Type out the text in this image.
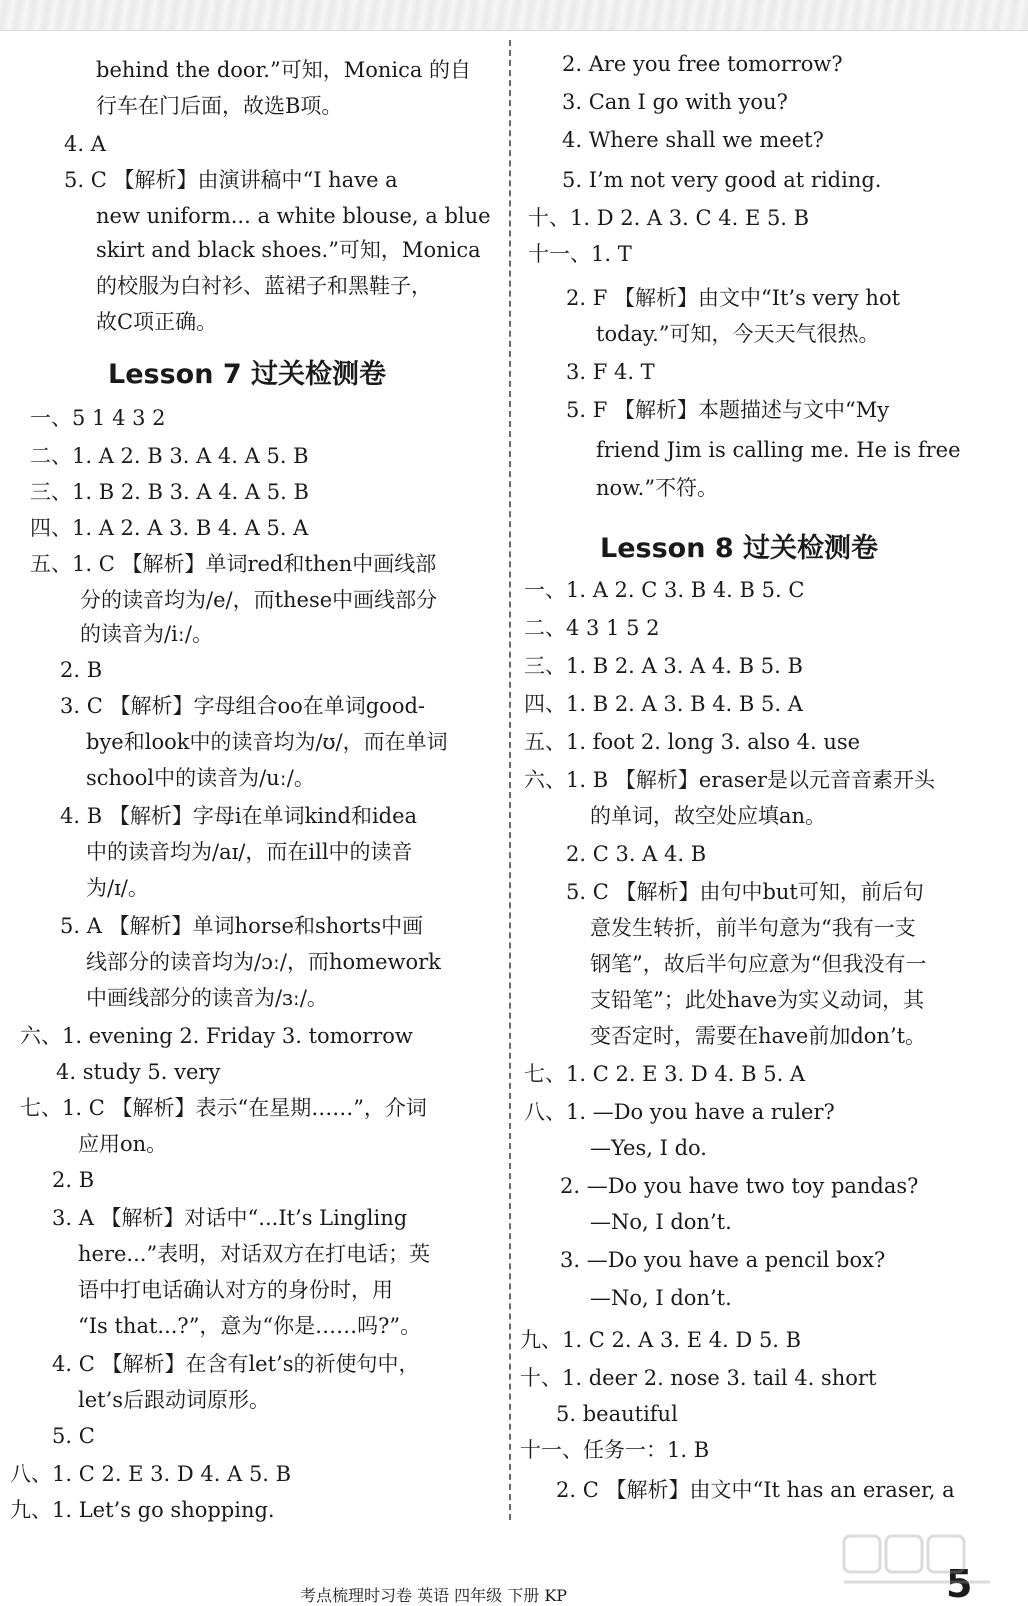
behind the door.”可知，Monica 的自
行车在门后面，故选B项。
4. A
5. C 【解析】由演讲稿中“I have a
new uniform... a white blouse, a blue
skirt and black shoes.”可知，Monica
的校服为白衬衫、蓝裙子和黑鞋子，
故C项正确。
一、5 1 4 3 2
二、1. A 2. B 3. A 4. A 5. B
三、1. B 2. B 3. A 4. A 5. B
四、1. A 2. A 3. B 4. A 5. A
五、1. C 【解析】单词red和then中画线部
分的读音均为/e/，而these中画线部分
的读音为/iː/。
2. B
3. C 【解析】字母组合oo在单词good-
bye和look中的读音均为/ʊ/，而在单词
school中的读音为/uː/。
4. B 【解析】字母i在单词kind和idea
中的读音均为/aɪ/，而在ill中的读音
为/ɪ/。
5. A 【解析】单词horse和shorts中画
线部分的读音均为/ɔː/，而homework
中画线部分的读音为/ɜː/。
六、1. evening 2. Friday 3. tomorrow
4. study 5. very
七、1. C 【解析】表示“在星期……”，介词
应用on。
2. B
3. A 【解析】对话中“...It’s Lingling
here...”表明，对话双方在打电话；英
语中打电话确认对方的身份时，用
“Is that...?”，意为“你是……吗?”。
4. C 【解析】在含有let’s的祈使句中，
let’s后跟动词原形。
5. C
八、1. C 2. E 3. D 4. A 5. B
九、1. Let’s go shopping.
2. Are you free tomorrow?
3. Can I go with you?
4. Where shall we meet?
5. I’m not very good at riding.
十、1. D 2. A 3. C 4. E 5. B
十一、1. T
2. F 【解析】由文中“It’s very hot
today.”可知，今天天气很热。
3. F 4. T
5. F 【解析】本题描述与文中“My
friend Jim is calling me. He is free
now.”不符。
一、1. A 2. C 3. B 4. B 5. C
二、4 3 1 5 2
三、1. B 2. A 3. A 4. B 5. B
四、1. B 2. A 3. B 4. B 5. A
五、1. foot 2. long 3. also 4. use
六、1. B 【解析】eraser是以元音音素开头
的单词，故空处应填an。
2. C 3. A 4. B
5. C 【解析】由句中but可知，前后句
意发生转折，前半句意为“我有一支
钢笔”，故后半句应意为“但我没有一
支铅笔”；此处have为实义动词，其
变否定时，需要在have前加don’t。
七、1. C 2. E 3. D 4. B 5. A
八、1. —Do you have a ruler?
—Yes, I do.
2. —Do you have two toy pandas?
—No, I don’t.
3. —Do you have a pencil box?
—No, I don’t.
九、1. C 2. A 3. E 4. D 5. B
十、1. deer 2. nose 3. tail 4. short
5. beautiful
十一、任务一：1. B
2. C 【解析】由文中“It has an eraser, a
Lesson 7 过关检测卷
Lesson 8 过关检测卷
考点梳理时习卷 英语 四年级 下册 KP	5
